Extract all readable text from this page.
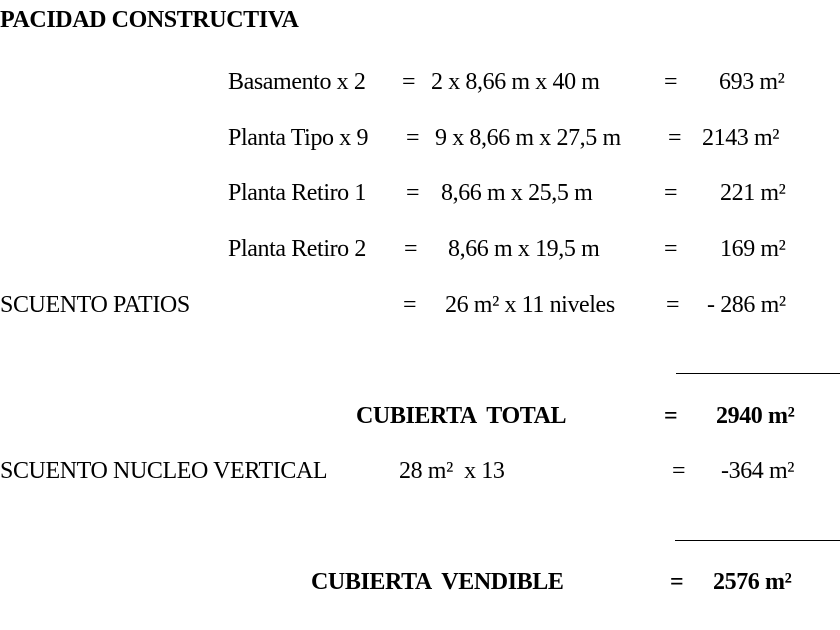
PACIDAD CONSTRUCTIVA
Basamento x 2 = 2 x 8,66 m x 40 m	= 693 m²
Planta Tipo x 9 = 9 x 8,66 m x 27,5 m = 2143 m²
Planta Retiro 1 = 8,66 m x 25,5 m	= 221 m²
Planta Retiro 2 = 8,66 m x 19,5 m	= 169 m²
SCUENTO PATIOS	= 26 m² x 11 niveles = - 286 m²
CUBIERTA  TOTAL	= 2940 m²
SCUENTO NUCLEO VERTICAL	28 m²  x 13	= -364 m²
CUBIERTA  VENDIBLE	= 2576 m²
